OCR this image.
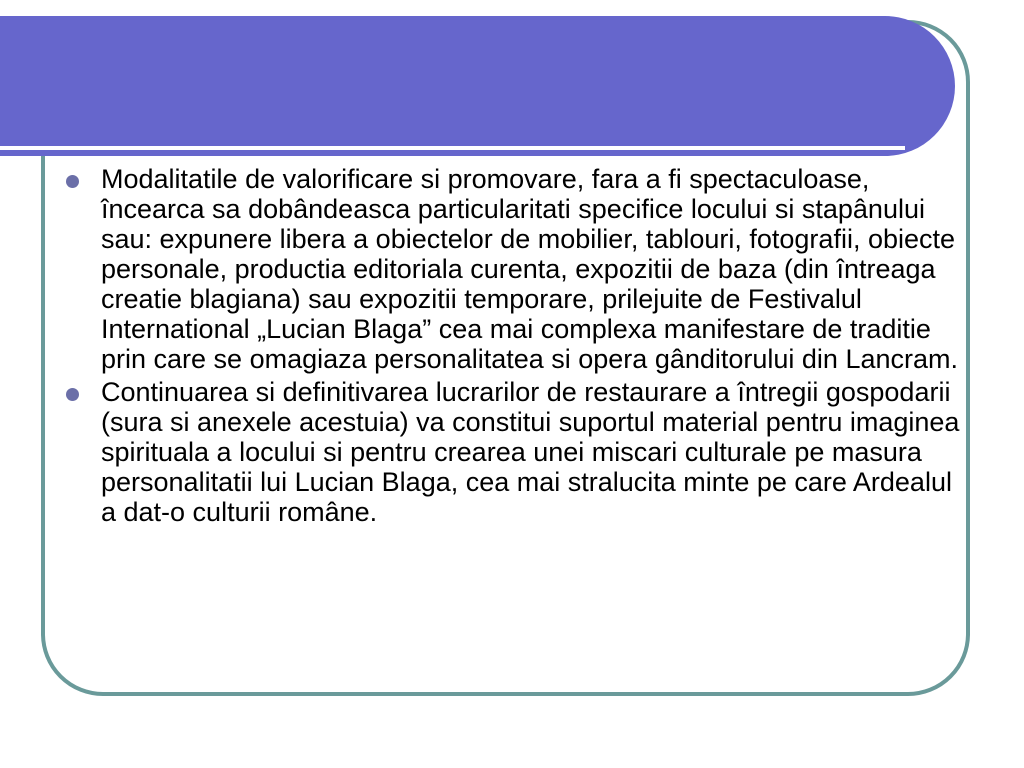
Modalitatile de valorificare si promovare, fara a fi spectaculoase, încearca sa dobândeasca particularitati specifice locului si stapânului sau: expunere libera a obiectelor de mobilier, tablouri, fotografii, obiecte personale, productia editoriala curenta, expozitii de baza (din întreaga creatie blagiana) sau expozitii temporare, prilejuite de Festivalul International „Lucian Blaga” cea mai complexa manifestare de traditie prin care se omagiaza personalitatea si opera gânditorului din Lancram.
Continuarea si definitivarea lucrarilor de restaurare a întregii gospodarii (sura si anexele acestuia) va constitui suportul material pentru imaginea spirituala a locului si pentru crearea unei miscari culturale pe masura personalitatii lui Lucian Blaga, cea mai stralucita minte pe care Ardealul a dat-o culturii române.
